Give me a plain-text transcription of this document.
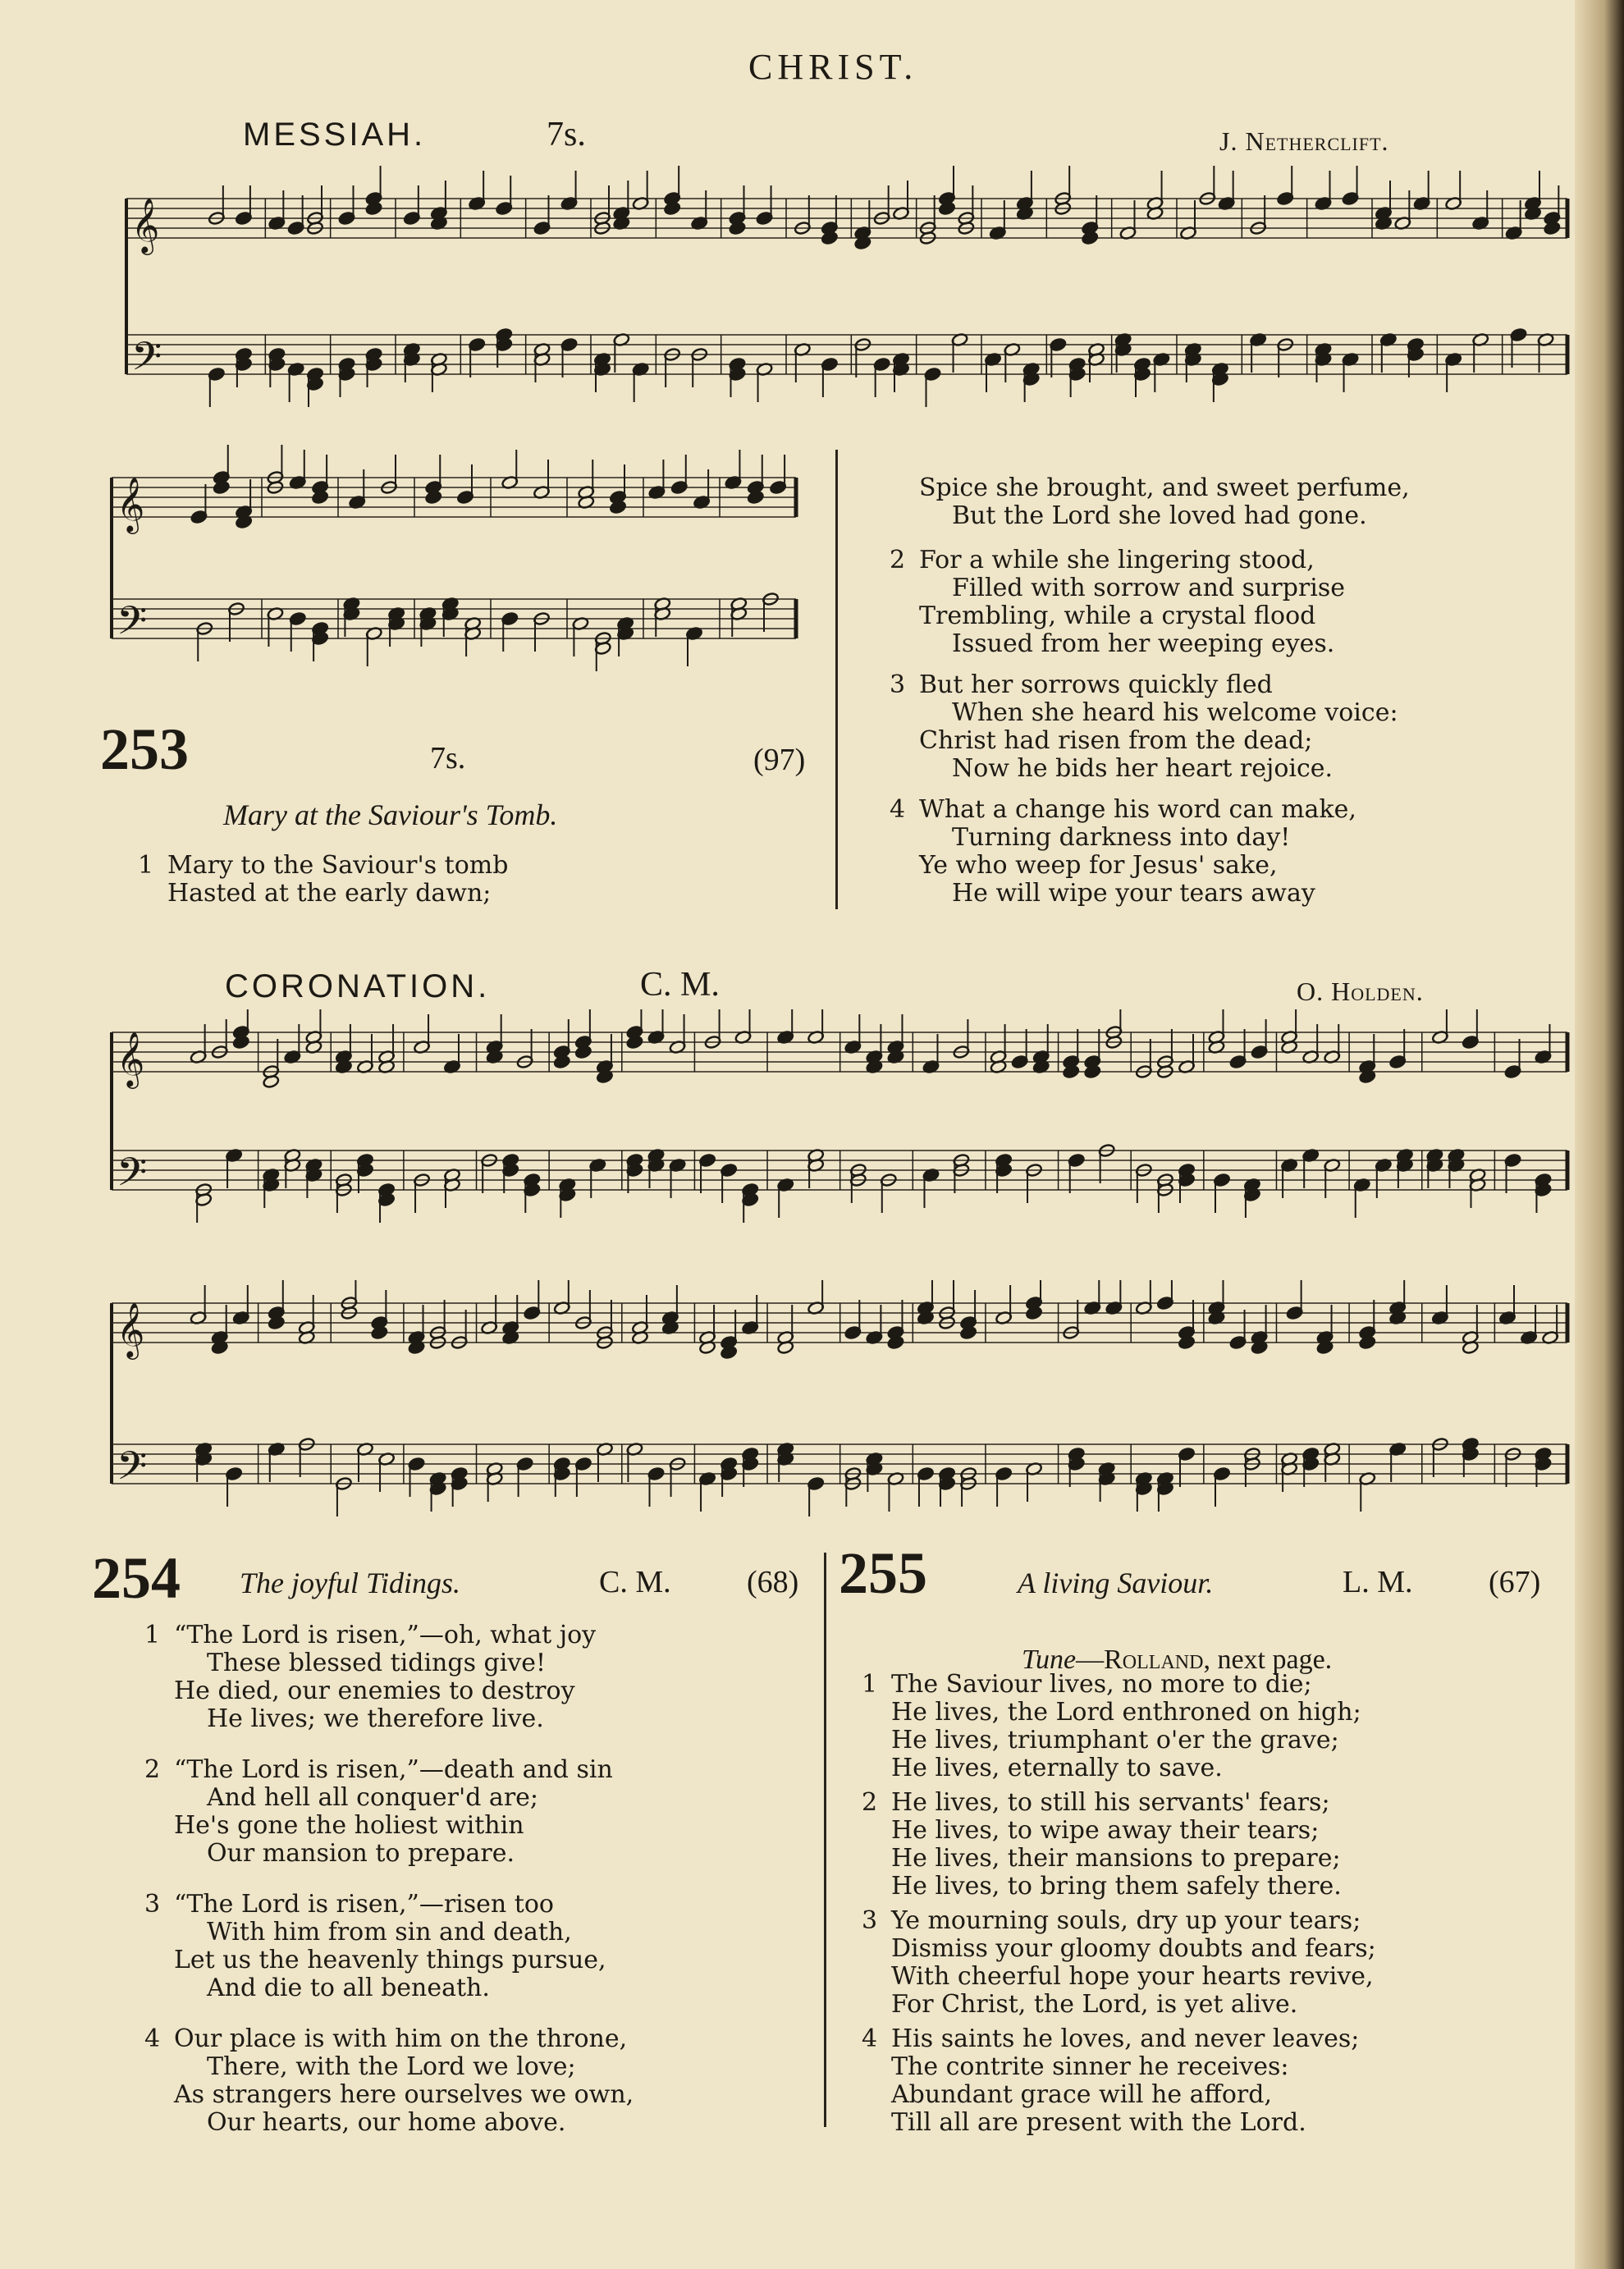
CHRIST.
MESSIAH.	7s.	J. Netherclift.
𝄞
𝄢
𝄞
𝄢
𝄞
𝄢
𝄞
𝄢
253	7s.	(97)
Mary at the Saviour's Tomb.
1 Mary to the Saviour's tomb
Hasted at the early dawn;
Spice she brought, and sweet perfume,
But the Lord she loved had gone.
2 For a while she lingering stood,
Filled with sorrow and surprise
Trembling, while a crystal flood
Issued from her weeping eyes.
3 But her sorrows quickly fled
When she heard his welcome voice:
Christ had risen from the dead;
Now he bids her heart rejoice.
4 What a change his word can make,
Turning darkness into day!
Ye who weep for Jesus' sake,
He will wipe your tears away
CORONATION.	C. M.	O. Holden.
254 The joyful Tidings.	C. M. (68)
1 “The Lord is risen,”—oh, what joy
These blessed tidings give!
He died, our enemies to destroy
He lives; we therefore live.
2 “The Lord is risen,”—death and sin
And hell all conquer'd are;
He's gone the holiest within
Our mansion to prepare.
3 “The Lord is risen,”—risen too
With him from sin and death,
Let us the heavenly things pursue,
And die to all beneath.
4 Our place is with him on the throne,
There, with the Lord we love;
As strangers here ourselves we own,
Our hearts, our home above.
255	A living Saviour.	L. M. (67)

Tune—Rolland, next page.

1 The Saviour lives, no more to die;
He lives, the Lord enthroned on high;
He lives, triumphant o'er the grave;
He lives, eternally to save.
2 He lives, to still his servants' fears;
He lives, to wipe away their tears;
He lives, their mansions to prepare;
He lives, to bring them safely there.
3 Ye mourning souls, dry up your tears;
Dismiss your gloomy doubts and fears;
With cheerful hope your hearts revive,
For Christ, the Lord, is yet alive.
4 His saints he loves, and never leaves;
The contrite sinner he receives:
Abundant grace will he afford,
Till all are present with the Lord.
